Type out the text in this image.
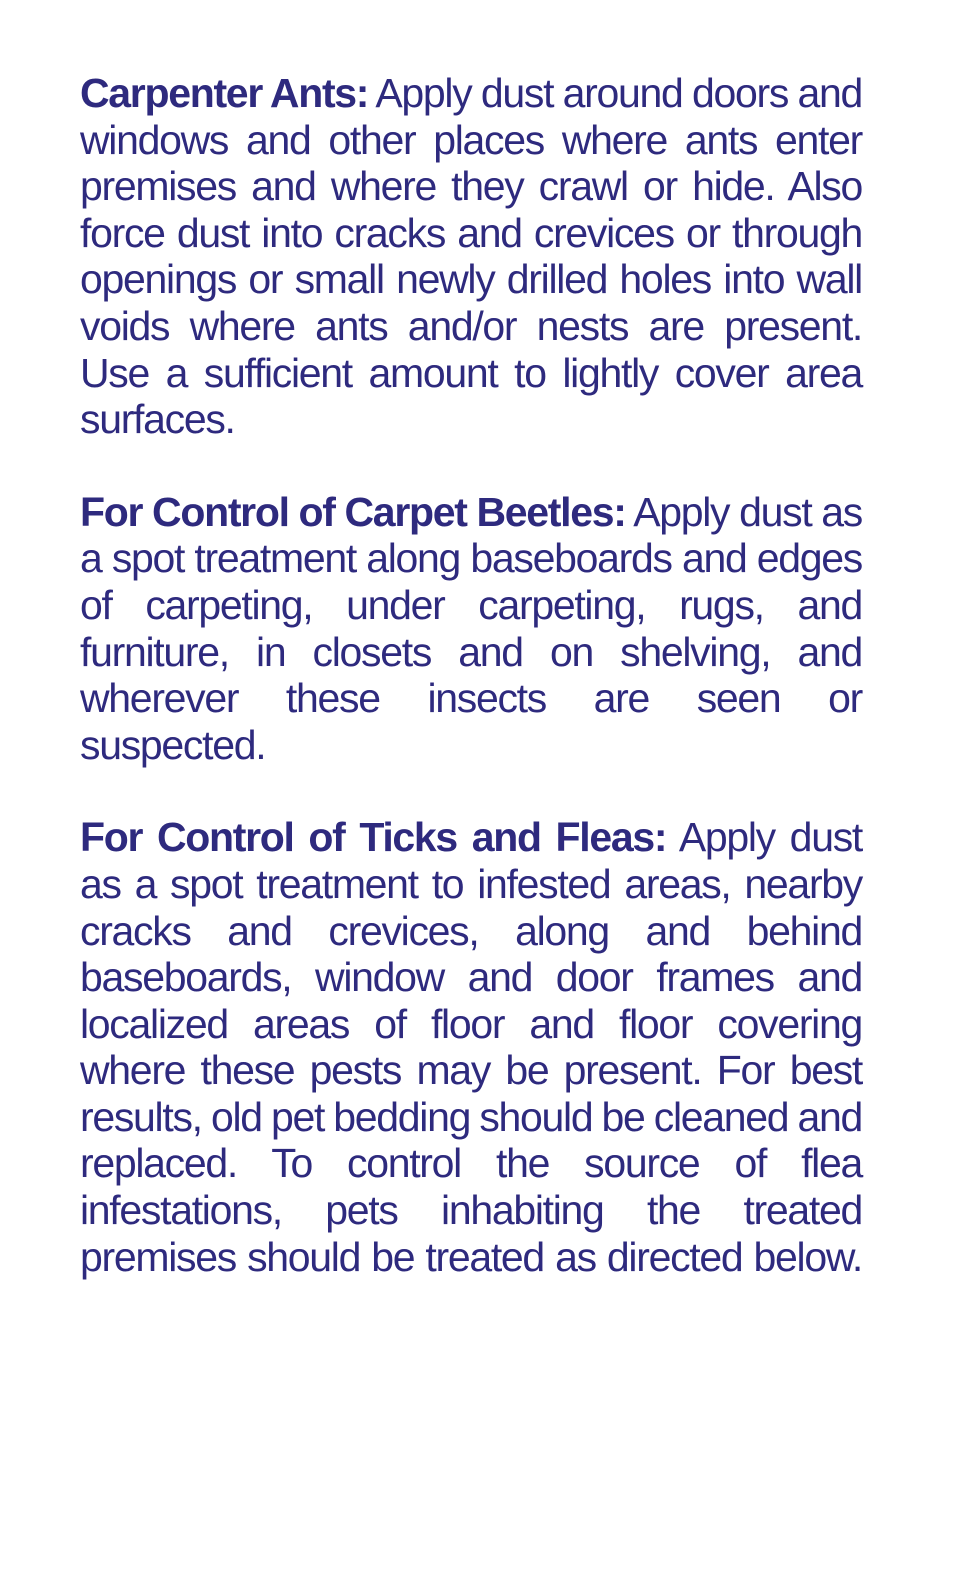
Carpenter Ants: Apply dust around doors and windows and other places where ants enter premises and where they crawl or hide. Also force dust into cracks and crevices or through openings or small newly drilled holes into wall voids where ants and/or nests are present. Use a sufficient amount to lightly cover area surfaces.

For Control of Carpet Beetles: Apply dust as a spot treatment along baseboards and edges of carpeting, under carpeting, rugs, and furniture, in closets and on shelving, and wherever these insects are seen or suspected.

For Control of Ticks and Fleas: Apply dust as a spot treatment to infested areas, nearby cracks and crevices, along and behind baseboards, window and door frames and localized areas of floor and floor covering where these pests may be present. For best results, old pet bedding should be cleaned and replaced. To control the source of flea infestations, pets inhabiting the treated premises should be treated as directed below.
